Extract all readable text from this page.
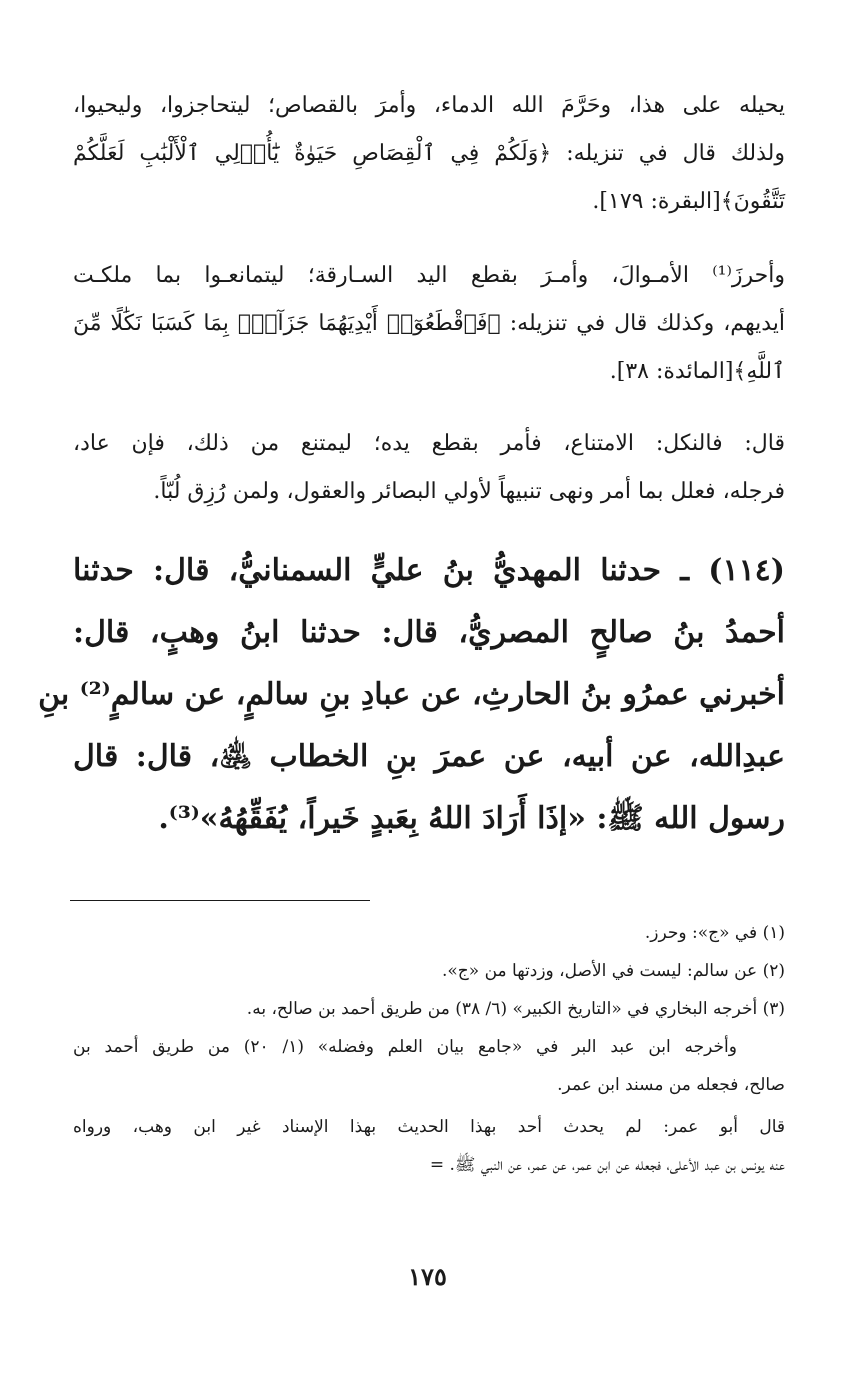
يحيله على هذا، وحَرَّمَ الله الدماء، وأمرَ بالقصاص؛ ليتحاجزوا، وليحيوا،
ولذلك قال في تنزيله: ﴿وَلَكُمْ فِي ٱلْقِصَاصِ حَيَوٰةٌ يَٰٓأُو۟لِي ٱلْأَلْبَٰبِ لَعَلَّكُمْ
تَتَّقُونَ﴾[البقرة: ١٧٩].
وأحرزَ⁽¹⁾ الأمـوالَ، وأمـرَ بقطع اليد السـارقة؛ ليتمانعـوا بما ملكـت
أيديهم، وكذلك قال في تنزيله: ﴿فَٱقْطَعُوٓا۟ أَيْدِيَهُمَا جَزَآءًۢ بِمَا كَسَبَا نَكَٰلًا مِّنَ
ٱللَّهِ﴾[المائدة: ٣٨].
قال: فالنكل: الامتناع، فأمر بقطع يده؛ ليمتنع من ذلك، فإن عاد،
فرجله، فعلل بما أمر ونهى تنبيهاً لأولي البصائر والعقول، ولمن رُزِق لُبّاً.
(١١٤) ـ حدثنا المهديُّ بنُ عليٍّ السمنانيُّ، قال: حدثنا
أحمدُ بنُ صالحٍ المصريُّ، قال: حدثنا ابنُ وهبٍ، قال:
أخبرني عمرُو بنُ الحارثِ، عن عبادِ بنِ سالمٍ، عن سالمٍ⁽²⁾ بنِ
عبدِالله، عن أبيه، عن عمرَ بنِ الخطاب ﵁، قال: قال
رسول الله ﷺ: «إذَا أَرَادَ اللهُ بِعَبدٍ خَيراً، يُفَقِّهُهُ»⁽³⁾.
(١) في «ج»: وحرز.
(٢) عن سالم: ليست في الأصل، وزدتها من «ج».
(٣) أخرجه البخاري في «التاريخ الكبير» (٦/ ٣٨) من طريق أحمد بن صالح، به.
وأخرجه ابن عبد البر في «جامع بيان العلم وفضله» (١/ ٢٠) من طريق أحمد بن
صالح، فجعله من مسند ابن عمر.
قال أبو عمر: لم يحدث أحد بهذا الحديث بهذا الإسناد غير ابن وهب، ورواه
عنه يونس بن عبد الأعلى، فجعله عن ابن عمر، عن عمر، عن النبي ﷺ. =
١٧٥
